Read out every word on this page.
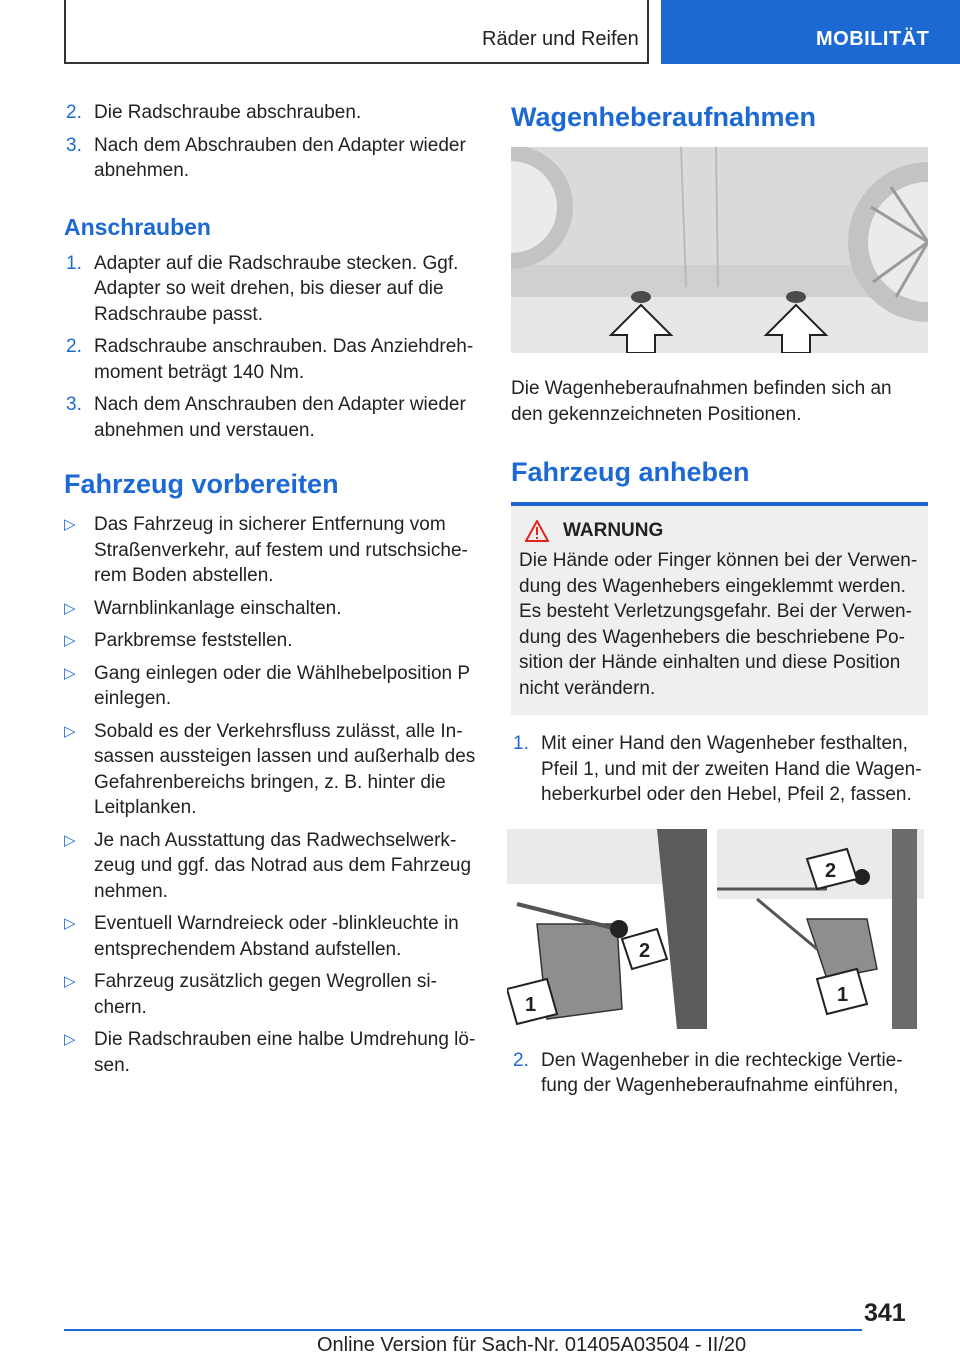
Räder und Reifen	MOBILITÄT
2. Die Radschraube abschrauben.
3. Nach dem Abschrauben den Adapter wieder abnehmen.
Anschrauben
1. Adapter auf die Radschraube stecken. Ggf. Adapter so weit drehen, bis dieser auf die Radschraube passt.
2. Radschraube anschrauben. Das Anziehdrehmoment beträgt 140 Nm.
3. Nach dem Anschrauben den Adapter wieder abnehmen und verstauen.
Fahrzeug vorbereiten
▷ Das Fahrzeug in sicherer Entfernung vom Straßenverkehr, auf festem und rutschsicherem Boden abstellen.
▷ Warnblinkanlage einschalten.
▷ Parkbremse feststellen.
▷ Gang einlegen oder die Wählhebelposition P einlegen.
▷ Sobald es der Verkehrsfluss zulässt, alle Insassen aussteigen lassen und außerhalb des Gefahrenbereichs bringen, z. B. hinter die Leitplanken.
▷ Je nach Ausstattung das Radwechselwerkzeug und ggf. das Notrad aus dem Fahrzeug nehmen.
▷ Eventuell Warndreieck oder -blinkleuchte in entsprechendem Abstand aufstellen.
▷ Fahrzeug zusätzlich gegen Wegrollen sichern.
▷ Die Radschrauben eine halbe Umdrehung lösen.
Wagenheberaufnahmen
Die Wagenheberaufnahmen befinden sich an den gekennzeichneten Positionen.
Fahrzeug anheben
WARNUNG
Die Hände oder Finger können bei der Verwendung des Wagenhebers eingeklemmt werden. Es besteht Verletzungsgefahr. Bei der Verwendung des Wagenhebers die beschriebene Position der Hände einhalten und diese Position nicht verändern.
1. Mit einer Hand den Wagenheber festhalten, Pfeil 1, und mit der zweiten Hand die Wagenheberkurbel oder den Hebel, Pfeil 2, fassen.
2
1
2
1
2. Den Wagenheber in die rechteckige Vertiefung der Wagenheberaufnahme einführen,
341
Online Version für Sach-Nr. 01405A03504 - II/20
